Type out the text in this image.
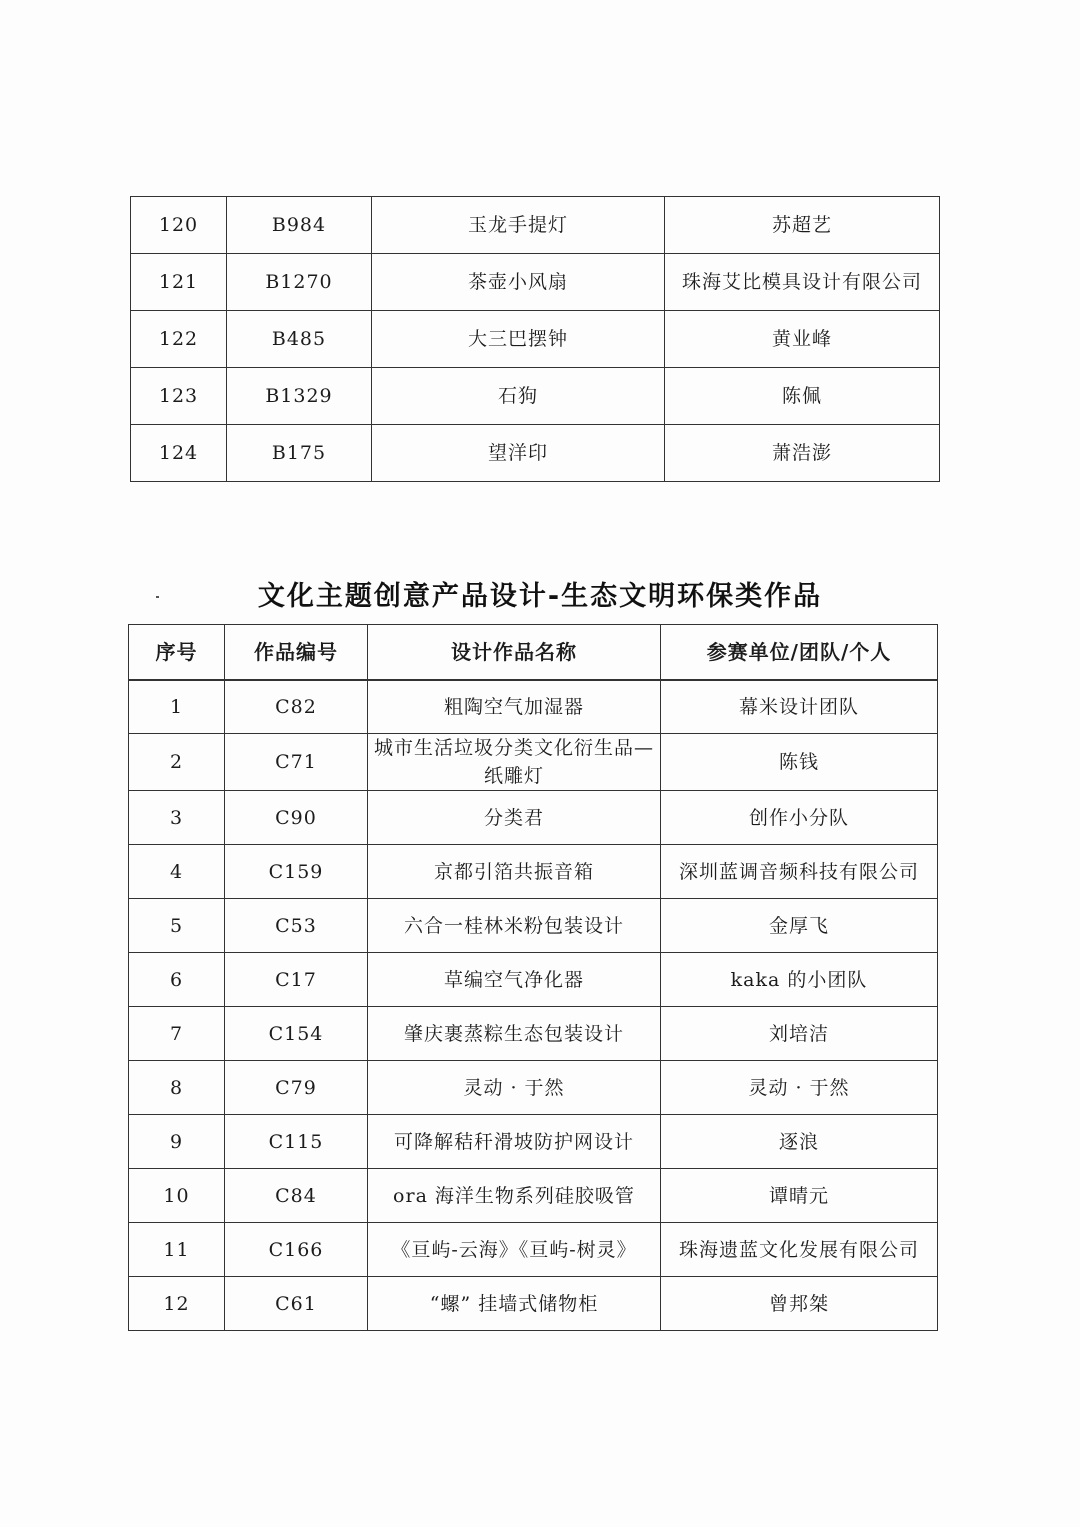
120	B984	玉龙手提灯	苏超艺
121	B1270	茶壶小风扇	珠海艾比模具设计有限公司
122	B485	大三巴摆钟	黄业峰
123	B1329	石狗	陈佩
124	B175	望洋印	萧浩澎
文化主题创意产品设计-生态文明环保类作品
序号	作品编号	设计作品名称	参赛单位/团队/个人
1	C82	粗陶空气加湿器	幕米设计团队
2	C71	城市生活垃圾分类文化衍生品—纸雕灯	陈钱
3	C90	分类君	创作小分队
4	C159	京都引箔共振音箱	深圳蓝调音频科技有限公司
5	C53	六合一桂林米粉包装设计	金厚飞
6	C17	草编空气净化器	kaka 的小团队
7	C154	肇庆裹蒸粽生态包装设计	刘培洁
8	C79	灵动 · 于然	灵动 · 于然
9	C115	可降解秸秆滑坡防护网设计	逐浪
10	C84	ora 海洋生物系列硅胶吸管	谭晴元
11	C166	《亘屿-云海》《亘屿-树灵》	珠海遗蓝文化发展有限公司
12	C61	“螺” 挂墙式储物柜	曾邦桀
